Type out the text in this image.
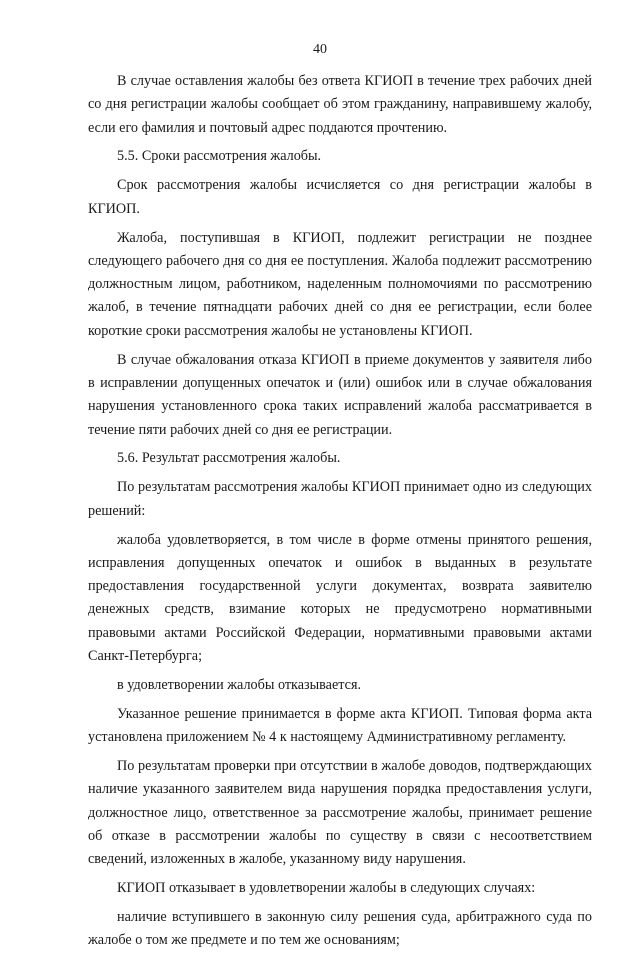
40

В случае оставления жалобы без ответа КГИОП в течение трех рабочих дней со дня регистрации жалобы сообщает об этом гражданину, направившему жалобу, если его фамилия и почтовый адрес поддаются прочтению.

5.5. Сроки рассмотрения жалобы.

Срок рассмотрения жалобы исчисляется со дня регистрации жалобы в КГИОП.

Жалоба, поступившая в КГИОП, подлежит регистрации не позднее следующего рабочего дня со дня ее поступления. Жалоба подлежит рассмотрению должностным лицом, работником, наделенным полномочиями по рассмотрению жалоб, в течение пятнадцати рабочих дней со дня ее регистрации, если более короткие сроки рассмотрения жалобы не установлены КГИОП.

В случае обжалования отказа КГИОП в приеме документов у заявителя либо в исправлении допущенных опечаток и (или) ошибок или в случае обжалования нарушения установленного срока таких исправлений жалоба рассматривается в течение пяти рабочих дней со дня ее регистрации.

5.6. Результат рассмотрения жалобы.

По результатам рассмотрения жалобы КГИОП принимает одно из следующих решений:

жалоба удовлетворяется, в том числе в форме отмены принятого решения, исправления допущенных опечаток и ошибок в выданных в результате предоставления государственной услуги документах, возврата заявителю денежных средств, взимание которых не предусмотрено нормативными правовыми актами Российской Федерации, нормативными правовыми актами Санкт-Петербурга;

в удовлетворении жалобы отказывается.

Указанное решение принимается в форме акта КГИОП. Типовая форма акта установлена приложением № 4 к настоящему Административному регламенту.

По результатам проверки при отсутствии в жалобе доводов, подтверждающих наличие указанного заявителем вида нарушения порядка предоставления услуги, должностное лицо, ответственное за рассмотрение жалобы, принимает решение об отказе в рассмотрении жалобы по существу в связи с несоответствием сведений, изложенных в жалобе, указанному виду нарушения.

КГИОП отказывает в удовлетворении жалобы в следующих случаях:

наличие вступившего в законную силу решения суда, арбитражного суда по жалобе о том же предмете и по тем же основаниям;
